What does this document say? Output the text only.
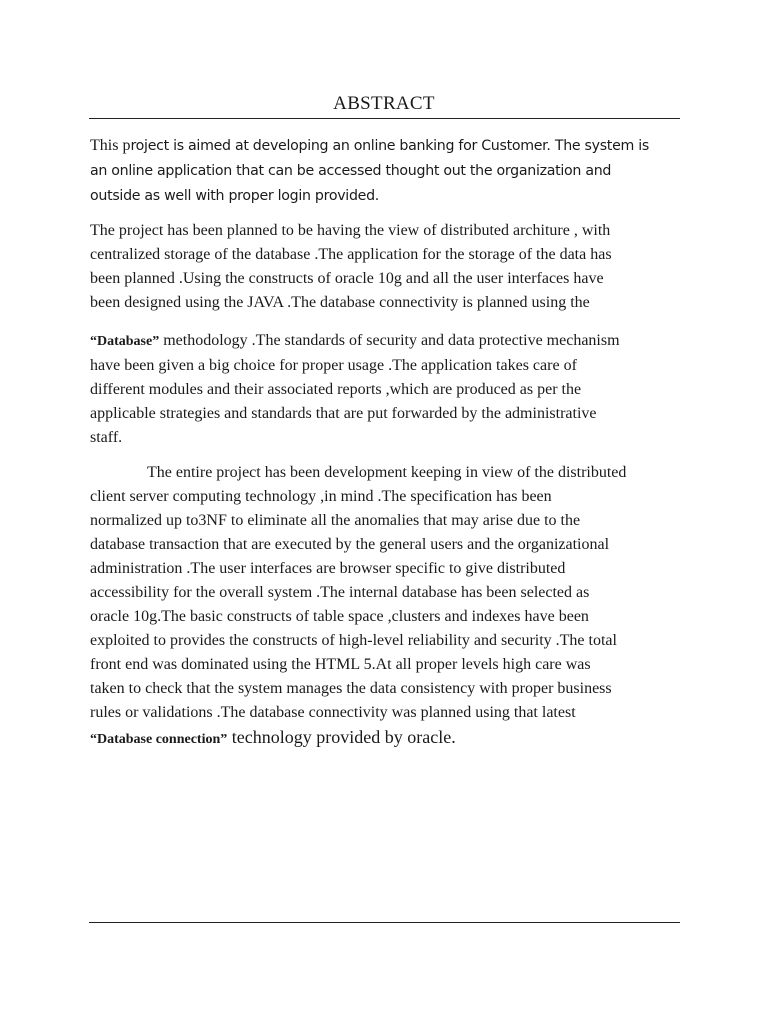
ABSTRACT

This project is aimed at developing an online banking for Customer. The system is
an online application that can be accessed thought out the organization and
outside as well with proper login provided.

The project has been planned to be having the view of distributed architure , with
centralized storage of the database .The application for the storage of the data has
been planned .Using the constructs of oracle 10g and all the user interfaces have
been designed using the JAVA .The database connectivity is planned using the

“Database” methodology .The standards of security and data protective mechanism
have been given a big choice for proper usage .The application takes care of
different modules and their associated reports ,which are produced as per the
applicable strategies and standards that are put forwarded by the administrative
staff.

The entire project has been development keeping in view of the distributed
client server computing technology ,in mind .The specification has been
normalized up to3NF to eliminate all the anomalies that may arise due to the
database transaction that are executed by the general users and the organizational
administration .The user interfaces are browser specific to give distributed
accessibility for the overall system .The internal database has been selected as
oracle 10g.The basic constructs of table space ,clusters and indexes have been
exploited to provides the constructs of high-level reliability and security .The total
front end was dominated using the HTML 5.At all proper levels high care was
taken to check that the system manages the data consistency with proper business
rules or validations .The database connectivity was planned using that latest
“Database connection” technology provided by oracle.
